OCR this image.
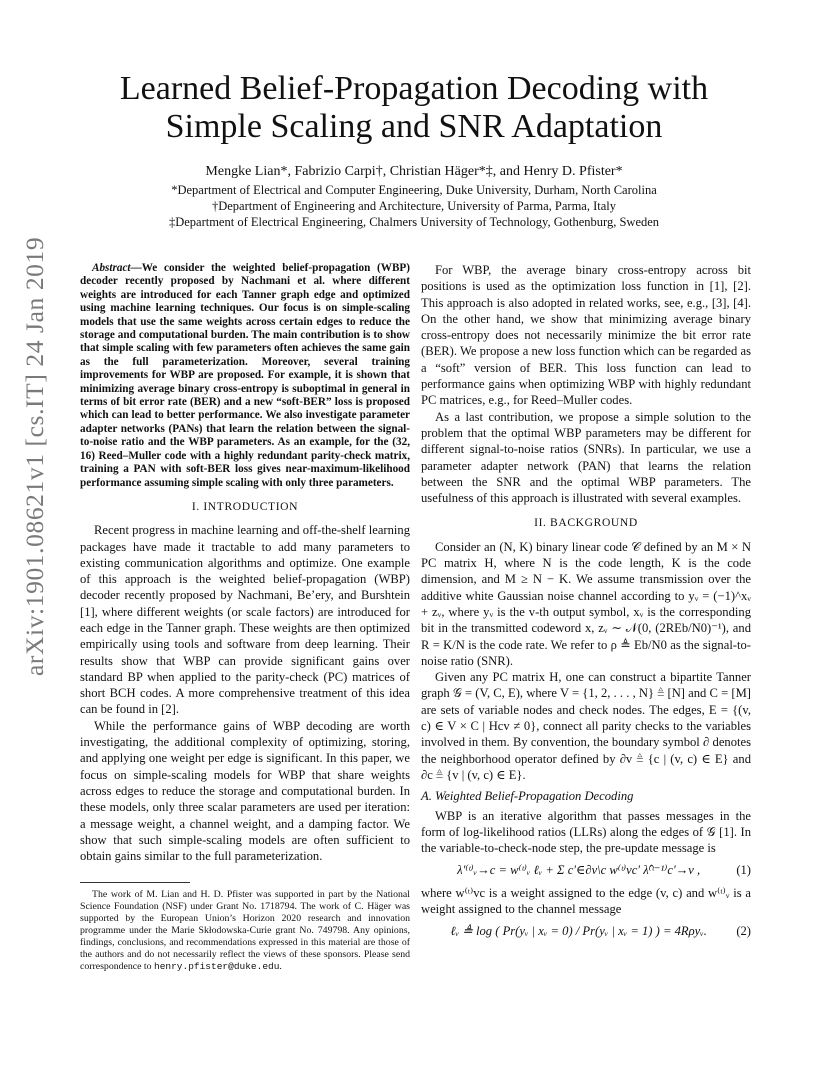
arXiv:1901.08621v1 [cs.IT] 24 Jan 2019
Learned Belief-Propagation Decoding with
Simple Scaling and SNR Adaptation
Mengke Lian*, Fabrizio Carpi†, Christian Häger*‡, and Henry D. Pfister*
*Department of Electrical and Computer Engineering, Duke University, Durham, North Carolina
†Department of Engineering and Architecture, University of Parma, Parma, Italy
‡Department of Electrical Engineering, Chalmers University of Technology, Gothenburg, Sweden

Abstract—We consider the weighted belief-propagation (WBP) decoder recently proposed by Nachmani et al. where different weights are introduced for each Tanner graph edge and optimized using machine learning techniques. Our focus is on simple-scaling models that use the same weights across certain edges to reduce the storage and computational burden. The main contribution is to show that simple scaling with few parameters often achieves the same gain as the full parameterization. Moreover, several training improvements for WBP are proposed. For example, it is shown that minimizing average binary cross-entropy is suboptimal in general in terms of bit error rate (BER) and a new “soft-BER” loss is proposed which can lead to better performance. We also investigate parameter adapter networks (PANs) that learn the relation between the signal-to-noise ratio and the WBP parameters. As an example, for the (32, 16) Reed–Muller code with a highly redundant parity-check matrix, training a PAN with soft-BER loss gives near-maximum-likelihood performance assuming simple scaling with only three parameters.

I. INTRODUCTION

Recent progress in machine learning and off-the-shelf learning packages have made it tractable to add many parameters to existing communication algorithms and optimize. One example of this approach is the weighted belief-propagation (WBP) decoder recently proposed by Nachmani, Be’ery, and Burshtein [1], where different weights (or scale factors) are introduced for each edge in the Tanner graph. These weights are then optimized empirically using tools and software from deep learning. Their results show that WBP can provide significant gains over standard BP when applied to the parity-check (PC) matrices of short BCH codes. A more comprehensive treatment of this idea can be found in [2].

While the performance gains of WBP decoding are worth investigating, the additional complexity of optimizing, storing, and applying one weight per edge is significant. In this paper, we focus on simple-scaling models for WBP that share weights across edges to reduce the storage and computational burden. In these models, only three scalar parameters are used per iteration: a message weight, a channel weight, and a damping factor. We show that such simple-scaling models are often sufficient to obtain gains similar to the full parameterization.

The work of M. Lian and H. D. Pfister was supported in part by the National Science Foundation (NSF) under Grant No. 1718794. The work of C. Häger was supported by the European Union’s Horizon 2020 research and innovation programme under the Marie Skłodowska-Curie grant No. 749798. Any opinions, findings, conclusions, and recommendations expressed in this material are those of the authors and do not necessarily reflect the views of these sponsors. Please send correspondence to henry.pfister@duke.edu.

For WBP, the average binary cross-entropy across bit positions is used as the optimization loss function in [1], [2]. This approach is also adopted in related works, see, e.g., [3], [4]. On the other hand, we show that minimizing average binary cross-entropy does not necessarily minimize the bit error rate (BER). We propose a new loss function which can be regarded as a “soft” version of BER. This loss function can lead to performance gains when optimizing WBP with highly redundant PC matrices, e.g., for Reed–Muller codes.

As a last contribution, we propose a simple solution to the problem that the optimal WBP parameters may be different for different signal-to-noise ratios (SNRs). In particular, we use a parameter adapter network (PAN) that learns the relation between the SNR and the optimal WBP parameters. The usefulness of this approach is illustrated with several examples.

II. BACKGROUND

Consider an (N, K) binary linear code 𝒞 defined by an M × N PC matrix H, where N is the code length, K is the code dimension, and M ≥ N − K. We assume transmission over the additive white Gaussian noise channel according to yᵥ = (−1)^xᵥ + zᵥ, where yᵥ is the v-th output symbol, xᵥ is the corresponding bit in the transmitted codeword x, zᵥ ∼ 𝒩(0, (2REb/N0)⁻¹), and R = K/N is the code rate. We refer to ρ ≜ Eb/N0 as the signal-to-noise ratio (SNR).

Given any PC matrix H, one can construct a bipartite Tanner graph 𝒢 = (V, C, E), where V = {1, 2, . . . , N} ≜ [N] and C = [M] are sets of variable nodes and check nodes. The edges, E = {(v, c) ∈ V × C | Hcv ≠ 0}, connect all parity checks to the variables involved in them. By convention, the boundary symbol ∂ denotes the neighborhood operator defined by ∂v ≜ {c | (v, c) ∈ E} and ∂c ≜ {v | (v, c) ∈ E}.

A. Weighted Belief-Propagation Decoding

WBP is an iterative algorithm that passes messages in the form of log-likelihood ratios (LLRs) along the edges of 𝒢 [1]. In the variable-to-check-node step, the pre-update message is

λ′⁽ᵗ⁾ᵥ→c = w⁽ᵗ⁾ᵥ ℓᵥ + Σ c′∈∂v\c w⁽ᵗ⁾vc′ λ̂⁽ᵗ⁻¹⁾c′→v ,	(1)

where w⁽ᵗ⁾vc is a weight assigned to the edge (v, c) and w⁽ᵗ⁾ᵥ is a weight assigned to the channel message

ℓᵥ ≜ log ( Pr(yᵥ | xᵥ = 0) / Pr(yᵥ | xᵥ = 1) ) = 4Rρyᵥ.	(2)
